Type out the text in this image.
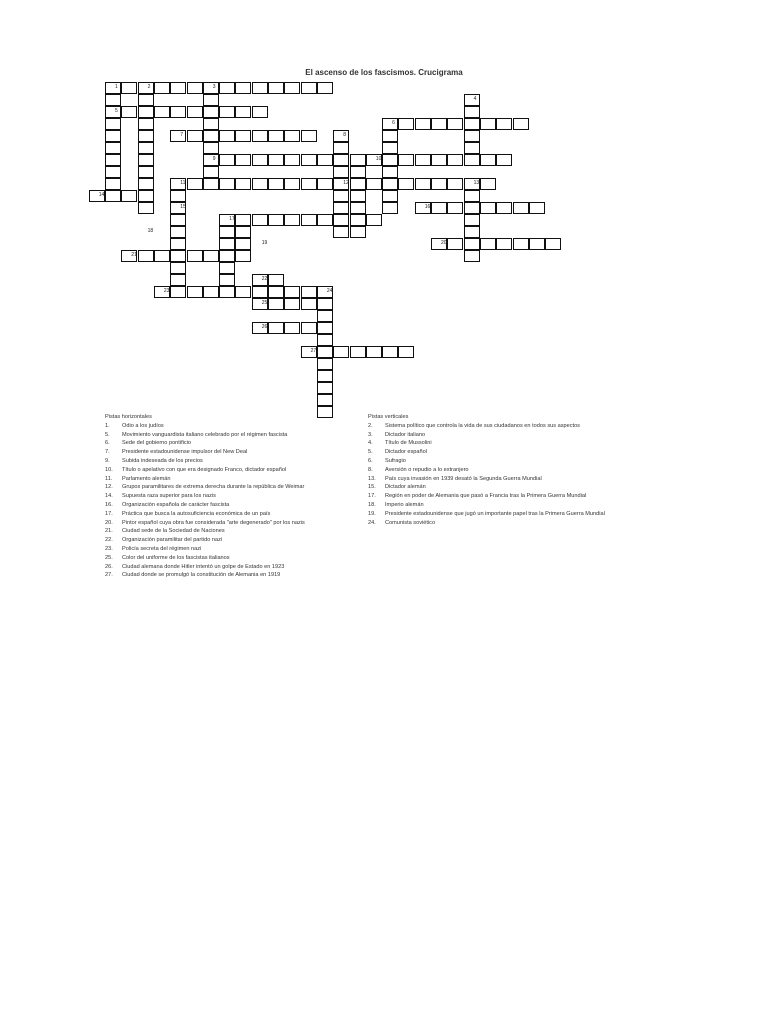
El ascenso de los fascismos. Crucigrama
1	2	3
4
5
6
7	8
9	10
11	12	13
14
15	16
17
18
19	20
21
22
23	24
25
26
27
Pistas horizontales
1. Odio a los judíos
5. Movimiento vanguardista italiano celebrado por el régimen fascista
6. Sede del gobierno pontificio
7. Presidente estadounidense impulsor del New Deal
9. Subida indeseada de los precios
10. Título o apelativo con que era designado Franco, dictador español
11. Parlamento alemán
12. Grupos paramilitares de extrema derecha durante la república de Weimar
14. Supuesta raza superior para los nazis
16. Organización española de carácter fascista
17. Práctica que busca la autosuficiencia económica de un país
20. Pintor español cuya obra fue considerada "arte degenerado" por los nazis
21. Ciudad sede de la Sociedad de Naciones
22. Organización paramilitar del partido nazi
23. Policía secreta del régimen nazi
25. Color del uniforme de los fascistas italianos
26. Ciudad alemana donde Hitler intentó un golpe de Estado en 1923
27. Ciudad donde se promulgó la constitución de Alemania en 1919
Pistas verticales
2. Sistema político que controla la vida de sus ciudadanos en todos sus aspectos
3. Dictador italiano
4. Título de Mussolini
5. Dictador español
6. Sufragio
8. Aversión o repudio a lo extranjero
13. País cuya invasión en 1939 desató la Segunda Guerra Mundial
15. Dictador alemán
17. Región en poder de Alemania que pasó a Francia tras la Primera Guerra Mundial
18. Imperio alemán
19. Presidente estadounidense que jugó un importante papel tras la Primera Guerra Mundial
24. Comunista soviético
